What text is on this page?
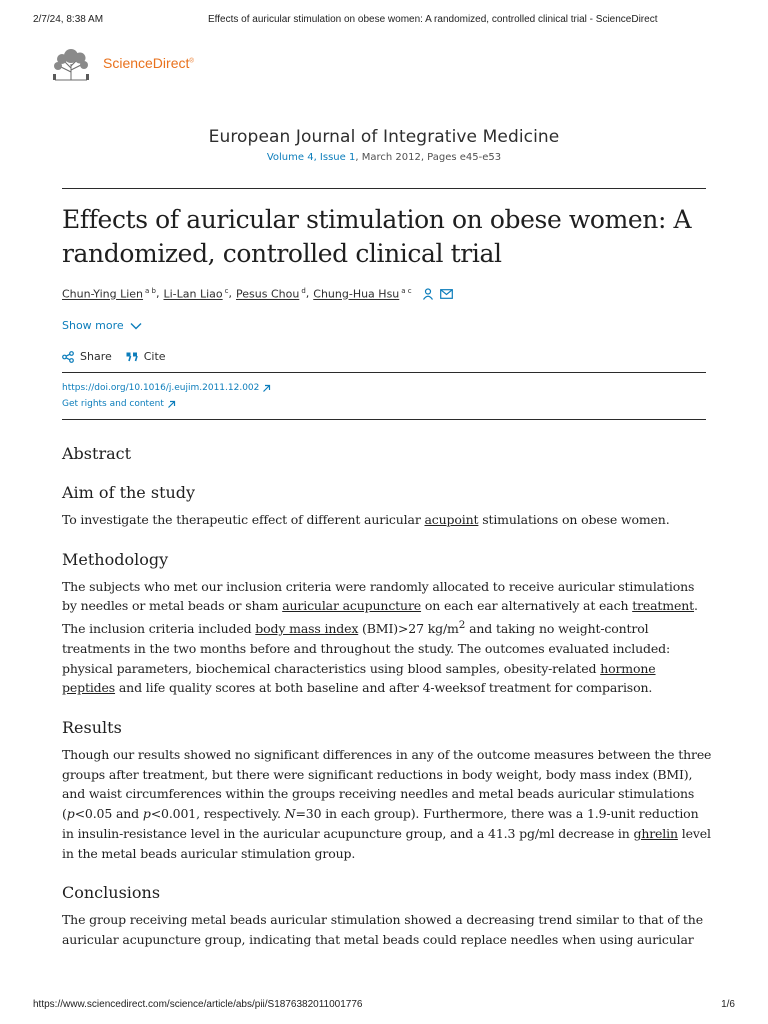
2/7/24, 8:38 AM	Effects of auricular stimulation on obese women: A randomized, controlled clinical trial - ScienceDirect
ScienceDirect®
European Journal of Integrative Medicine
Volume 4, Issue 1, March 2012, Pages e45-e53
Effects of auricular stimulation on obese women: A randomized, controlled clinical trial
Chun-Ying Lien $^{a b}$ , Li-Lan Liao $^c$ , Pesus Chou $^d$ , Chung-Hua Hsu $^{a c}$
Show more
Share	Cite
https://doi.org/10.1016/j.eujim.2011.12.002
Get rights and content
Abstract
Aim of the study

To investigate the therapeutic effect of different auricular acupoint stimulations on obese women.

Methodology

The subjects who met our inclusion criteria were randomly allocated to receive auricular stimulations by needles or metal beads or sham auricular acupuncture on each ear alternatively at each treatment. The inclusion criteria included body mass index (BMI)>27 $kg/m^2$ and taking no weight-control treatments in the two months before and throughout the study. The outcomes evaluated included: physical parameters, biochemical characteristics using blood samples, obesity-related hormone peptides and life quality scores at both baseline and after 4-weeksof treatment for comparison.

Results

Though our results showed no significant differences in any of the outcome measures between the three groups after treatment, but there were significant reductions in body weight, body mass index (BMI), and waist circumferences within the groups receiving needles and metal beads auricular stimulations (p<0.05 and p<0.001, respectively. N=30 in each group). Furthermore, there was a 1.9-unit reduction in insulin-resistance level in the auricular acupuncture group, and a 41.3 pg/ml decrease in ghrelin level in the metal beads auricular stimulation group.

Conclusions

The group receiving metal beads auricular stimulation showed a decreasing trend similar to that of the auricular acupuncture group, indicating that metal beads could replace needles when using auricular

https://www.sciencedirect.com/science/article/abs/pii/S1876382011001776	1/6
